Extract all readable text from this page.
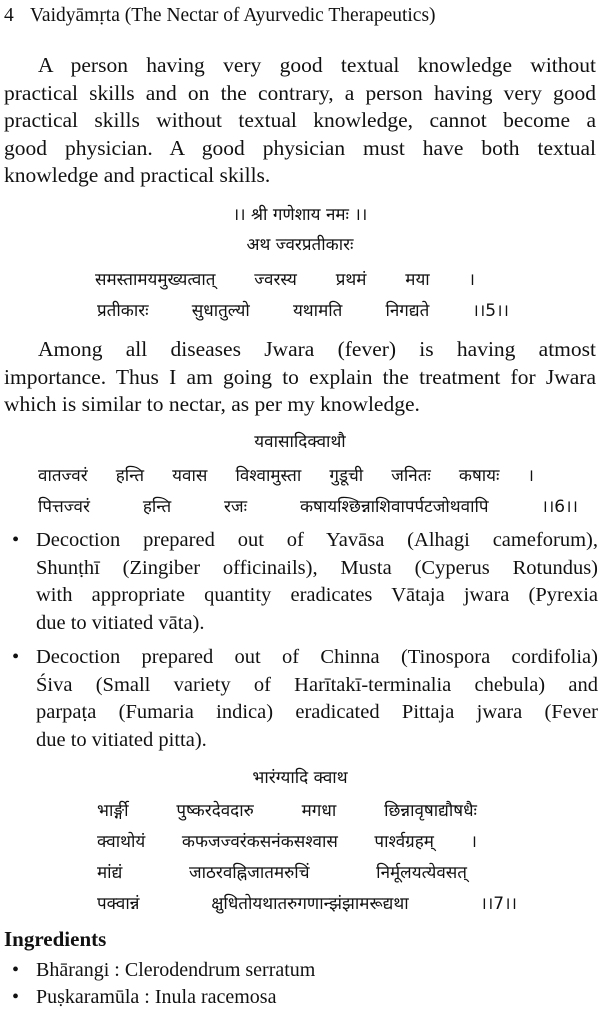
4 Vaidyāmṛta (The Nectar of Ayurvedic Therapeutics)
A person having very good textual knowledge without
practical skills and on the contrary, a person having very good
practical skills without textual knowledge, cannot become a
good physician. A good physician must have both textual
knowledge and practical skills.
।। श्री गणेशाय नमः ।।
अथ ज्वरप्रतीकारः
समस्तामयमुख्यत्वात् ज्वरस्य प्रथमं मया ।
प्रतीकारः सुधातुल्यो यथामति निगद्यते ।।5।।
Among all diseases Jwara (fever) is having atmost
importance. Thus I am going to explain the treatment for Jwara
which is similar to nectar, as per my knowledge.
यवासादिक्वाथौ
वातज्वरं हन्ति यवास विश्वामुस्ता गुडूची जनितः कषायः ।
पित्तज्वरं हन्ति रजः कषायश्छिन्नाशिवापर्पटजोथवापि ।।6।।
• Decoction prepared out of Yavāsa (Alhagi cameforum),
Shunṭhī (Zingiber officinails), Musta (Cyperus Rotundus)
with appropriate quantity eradicates Vātaja jwara (Pyrexia
due to vitiated vāta).
• Decoction prepared out of Chinna (Tinospora cordifolia)
Śiva (Small variety of Harītakī-terminalia chebula) and
parpaṭa (Fumaria indica) eradicated Pittaja jwara (Fever
due to vitiated pitta).
भारंग्यादि क्वाथ
भार्ङ्गी पुष्करदेवदारु मगधा छिन्नावृषाद्यौषधैः
क्वाथोयं कफजज्वरंकसनंकसश्वास पार्श्वग्रहम् ।
मांद्यं जाठरवह्निजातमरुचिं निर्मूलयत्येवसत्
पक्वान्नं क्षुधितोयथातरुगणान्झंझामरूद्यथा ।।7।।
Ingredients
• Bhārangi : Clerodendrum serratum
• Puṣkaramūla : Inula racemosa
